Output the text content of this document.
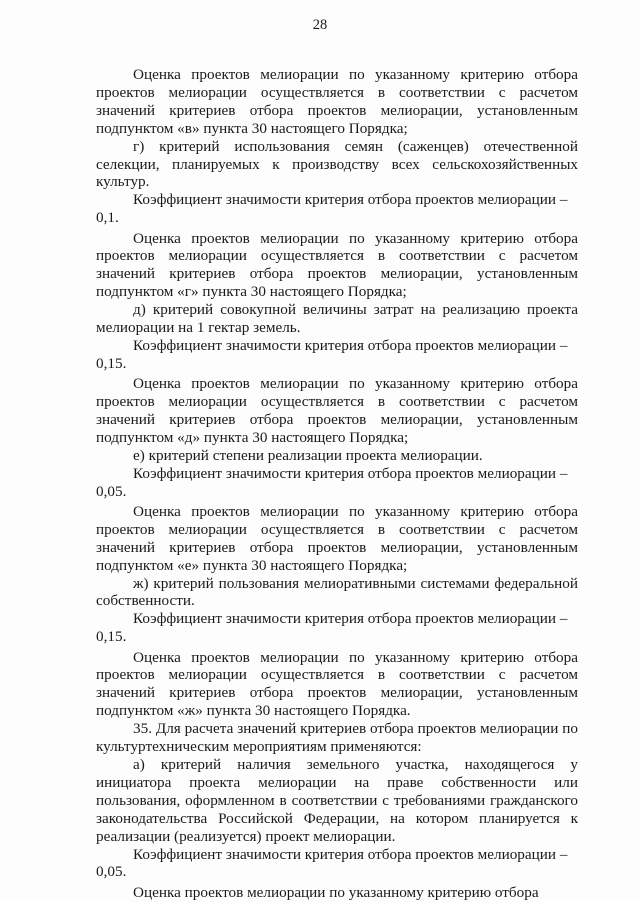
28

Оценка проектов мелиорации по указанному критерию отбора проектов мелиорации осуществляется в соответствии с расчетом значений критериев отбора проектов мелиорации, установленным подпунктом «в» пункта 30 настоящего Порядка;

г) критерий использования семян (саженцев) отечественной селекции, планируемых к производству всех сельскохозяйственных культур.

Коэффициент значимости критерия отбора проектов мелиорации –

0,1.

Оценка проектов мелиорации по указанному критерию отбора проектов мелиорации осуществляется в соответствии с расчетом значений критериев отбора проектов мелиорации, установленным подпунктом «г» пункта 30 настоящего Порядка;

д) критерий совокупной величины затрат на реализацию проекта мелиорации на 1 гектар земель.

Коэффициент значимости критерия отбора проектов мелиорации –

0,15.

Оценка проектов мелиорации по указанному критерию отбора проектов мелиорации осуществляется в соответствии с расчетом значений критериев отбора проектов мелиорации, установленным подпунктом «д» пункта 30 настоящего Порядка;

е) критерий степени реализации проекта мелиорации.

Коэффициент значимости критерия отбора проектов мелиорации –

0,05.

Оценка проектов мелиорации по указанному критерию отбора проектов мелиорации осуществляется в соответствии с расчетом значений критериев отбора проектов мелиорации, установленным подпунктом «е» пункта 30 настоящего Порядка;

ж) критерий пользования мелиоративными системами федеральной собственности.

Коэффициент значимости критерия отбора проектов мелиорации –

0,15.

Оценка проектов мелиорации по указанному критерию отбора проектов мелиорации осуществляется в соответствии с расчетом значений критериев отбора проектов мелиорации, установленным подпунктом «ж» пункта 30 настоящего Порядка.

35. Для расчета значений критериев отбора проектов мелиорации по культуртехническим мероприятиям применяются:

а) критерий наличия земельного участка, находящегося у инициатора проекта мелиорации на праве собственности или пользования, оформленном в соответствии с требованиями гражданского законодательства Российской Федерации, на котором планируется к реализации (реализуется) проект мелиорации.

Коэффициент значимости критерия отбора проектов мелиорации –

0,05.

Оценка проектов мелиорации по указанному критерию отбора
